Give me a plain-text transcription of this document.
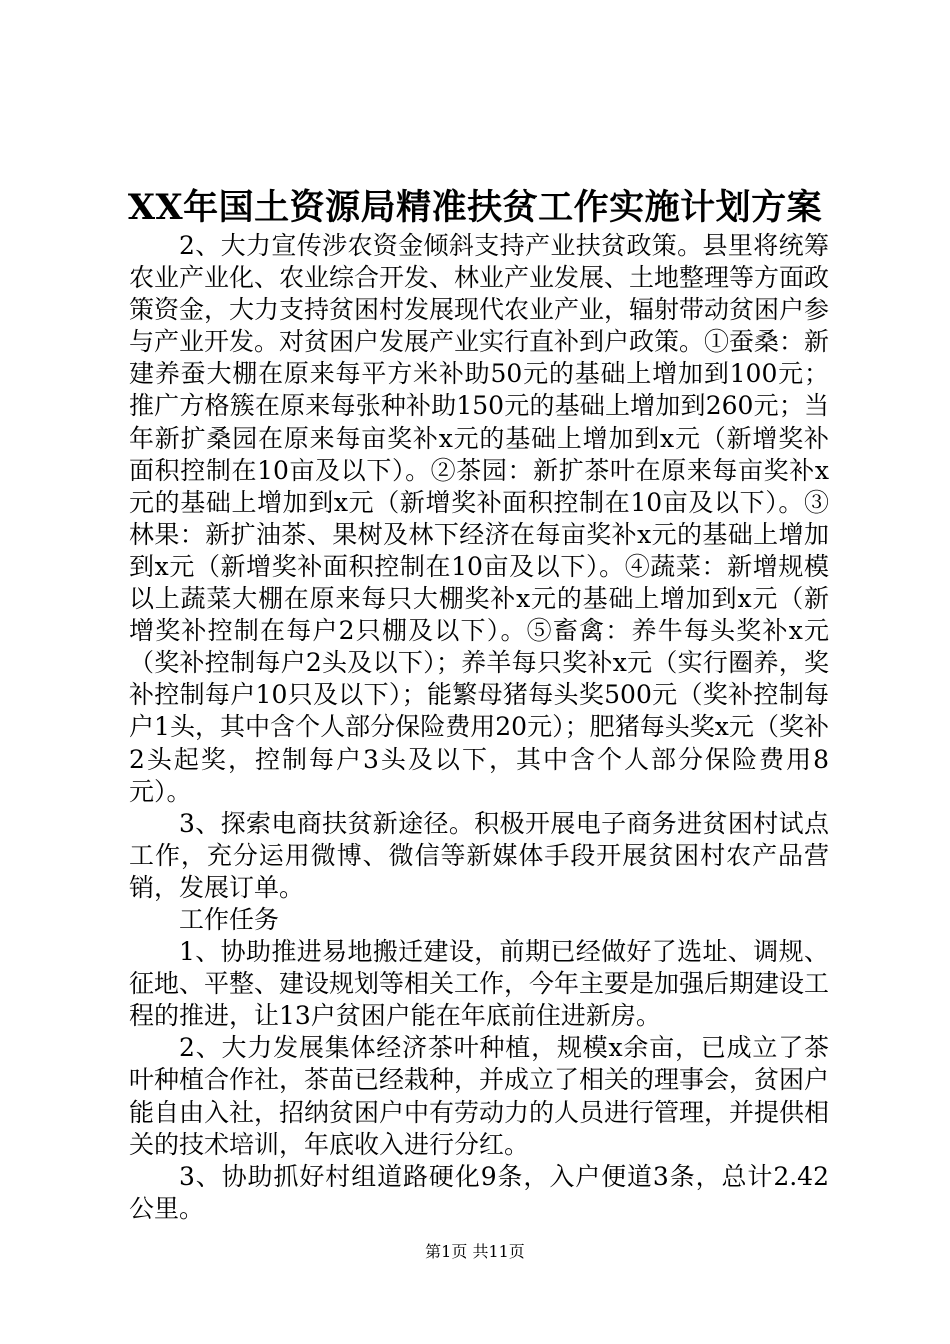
XX年国土资源局精准扶贫工作实施计划方案

2、大力宣传涉农资金倾斜支持产业扶贫政策。县里将统筹农业产业化、农业综合开发、林业产业发展、土地整理等方面政策资金，大力支持贫困村发展现代农业产业，辐射带动贫困户参与产业开发。对贫困户发展产业实行直补到户政策。①蚕桑：新建养蚕大棚在原来每平方米补助50元的基础上增加到100元；推广方格簇在原来每张种补助150元的基础上增加到260元；当年新扩桑园在原来每亩奖补x元的基础上增加到x元（新增奖补面积控制在10亩及以下）。②茶园：新扩茶叶在原来每亩奖补x元的基础上增加到x元（新增奖补面积控制在10亩及以下）。③林果：新扩油茶、果树及林下经济在每亩奖补x元的基础上增加到x元（新增奖补面积控制在10亩及以下）。④蔬菜：新增规模以上蔬菜大棚在原来每只大棚奖补x元的基础上增加到x元（新增奖补控制在每户2只棚及以下）。⑤畜禽：养牛每头奖补x元（奖补控制每户2头及以下）；养羊每只奖补x元（实行圈养，奖补控制每户10只及以下）；能繁母猪每头奖500元（奖补控制每户1头，其中含个人部分保险费用20元）；肥猪每头奖x元（奖补2头起奖，控制每户3头及以下，其中含个人部分保险费用8元）。

3、探索电商扶贫新途径。积极开展电子商务进贫困村试点工作，充分运用微博、微信等新媒体手段开展贫困村农产品营销，发展订单。

工作任务

1、协助推进易地搬迁建设，前期已经做好了选址、调规、征地、平整、建设规划等相关工作，今年主要是加强后期建设工程的推进，让13户贫困户能在年底前住进新房。

2、大力发展集体经济茶叶种植，规模x余亩，已成立了茶叶种植合作社，茶苗已经栽种，并成立了相关的理事会，贫困户能自由入社，招纳贫困户中有劳动力的人员进行管理，并提供相关的技术培训，年底收入进行分红。

3、协助抓好村组道路硬化9条，入户便道3条，总计2.42公里。

第1页 共11页
